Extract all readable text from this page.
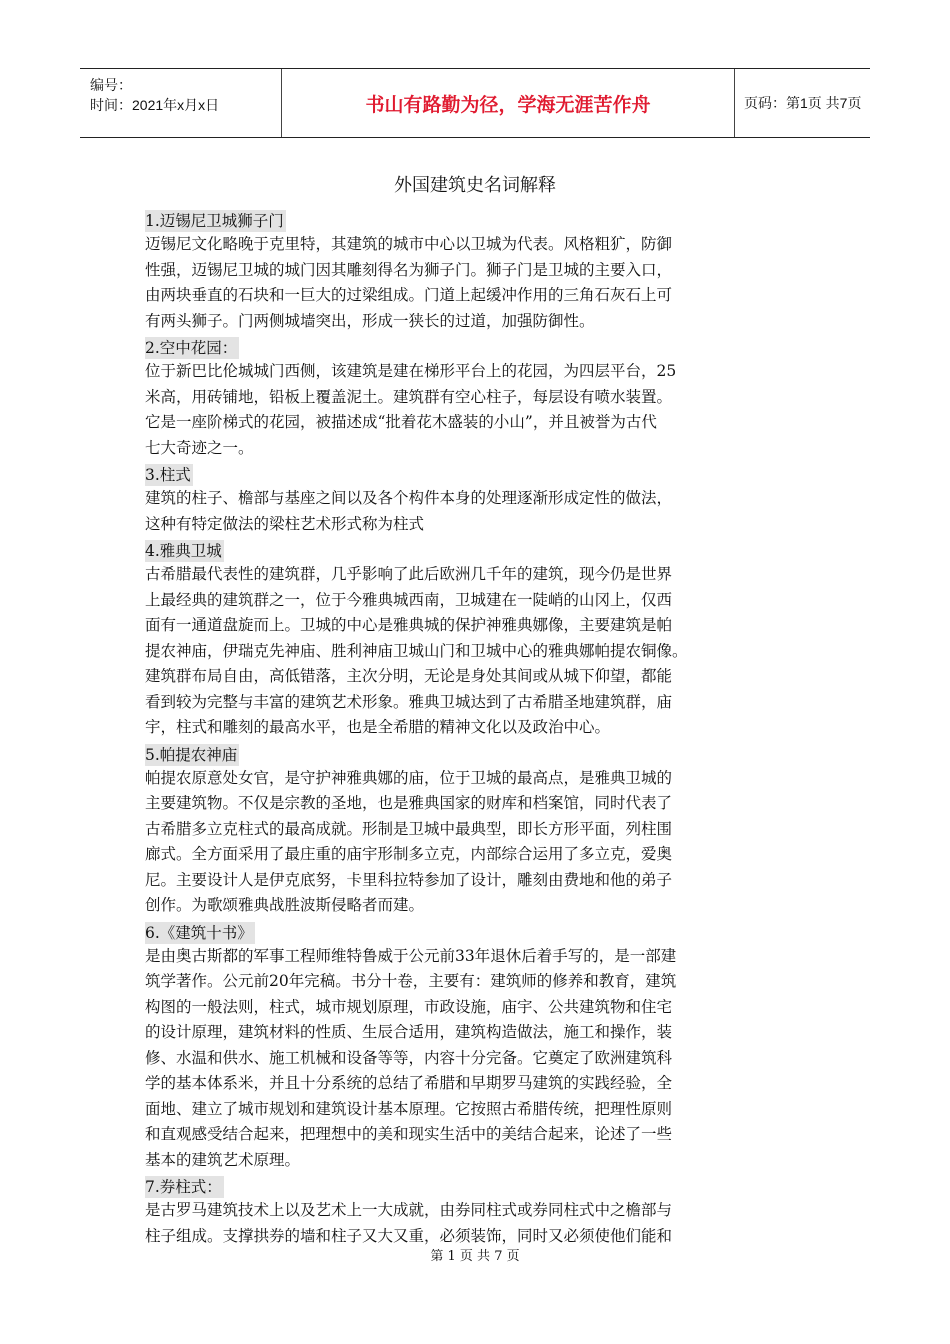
编号：
时间：2021年x月x日	书山有路勤为径，学海无涯苦作舟	页码：第1页 共7页
外国建筑史名词解释
1.迈锡尼卫城狮子门

迈锡尼文化略晚于克里特，其建筑的城市中心以卫城为代表。风格粗犷，防御

性强，迈锡尼卫城的城门因其雕刻得名为狮子门。狮子门是卫城的主要入口，

由两块垂直的石块和一巨大的过梁组成。门道上起缓冲作用的三角石灰石上可

有两头狮子。门两侧城墙突出，形成一狭长的过道，加强防御性。

2.空中花园：

位于新巴比伦城城门西侧，该建筑是建在梯形平台上的花园，为四层平台，25

米高，用砖铺地，铅板上覆盖泥土。建筑群有空心柱子，每层设有喷水装置。

它是一座阶梯式的花园，被描述成“批着花木盛装的小山”，并且被誉为古代

七大奇迹之一。

3.柱式

建筑的柱子、檐部与基座之间以及各个构件本身的处理逐渐形成定性的做法，

这种有特定做法的梁柱艺术形式称为柱式

4.雅典卫城

古希腊最代表性的建筑群，几乎影响了此后欧洲几千年的建筑，现今仍是世界

上最经典的建筑群之一，位于今雅典城西南，卫城建在一陡峭的山冈上，仅西

面有一通道盘旋而上。卫城的中心是雅典城的保护神雅典娜像，主要建筑是帕

提农神庙，伊瑞克先神庙、胜利神庙卫城山门和卫城中心的雅典娜帕提农铜像。

建筑群布局自由，高低错落，主次分明，无论是身处其间或从城下仰望，都能

看到较为完整与丰富的建筑艺术形象。雅典卫城达到了古希腊圣地建筑群，庙

宇，柱式和雕刻的最高水平，也是全希腊的精神文化以及政治中心。

5.帕提农神庙

帕提农原意处女官，是守护神雅典娜的庙，位于卫城的最高点，是雅典卫城的

主要建筑物。不仅是宗教的圣地，也是雅典国家的财库和档案馆，同时代表了

古希腊多立克柱式的最高成就。形制是卫城中最典型，即长方形平面，列柱围

廊式。全方面采用了最庄重的庙宇形制多立克，内部综合运用了多立克，爱奥

尼。主要设计人是伊克底努，卡里科拉特参加了设计，雕刻由费地和他的弟子

创作。为歌颂雅典战胜波斯侵略者而建。

6.《建筑十书》

是由奥古斯都的军事工程师维特鲁威于公元前33年退休后着手写的，是一部建

筑学著作。公元前20年完稿。书分十卷，主要有：建筑师的修养和教育，建筑

构图的一般法则，柱式，城市规划原理，市政设施，庙宇、公共建筑物和住宅

的设计原理，建筑材料的性质、生辰合适用，建筑构造做法，施工和操作，装

修、水温和供水、施工机械和设备等等，内容十分完备。它奠定了欧洲建筑科

学的基本体系米，并且十分系统的总结了希腊和早期罗马建筑的实践经验，全

面地、建立了城市规划和建筑设计基本原理。它按照古希腊传统，把理性原则

和直观感受结合起来，把理想中的美和现实生活中的美结合起来，论述了一些

基本的建筑艺术原理。

7.券柱式：

是古罗马建筑技术上以及艺术上一大成就，由券同柱式或券同柱式中之檐部与

柱子组成。支撑拱券的墙和柱子又大又重，必须装饰，同时又必须使他们能和

第 1 页 共 7 页
